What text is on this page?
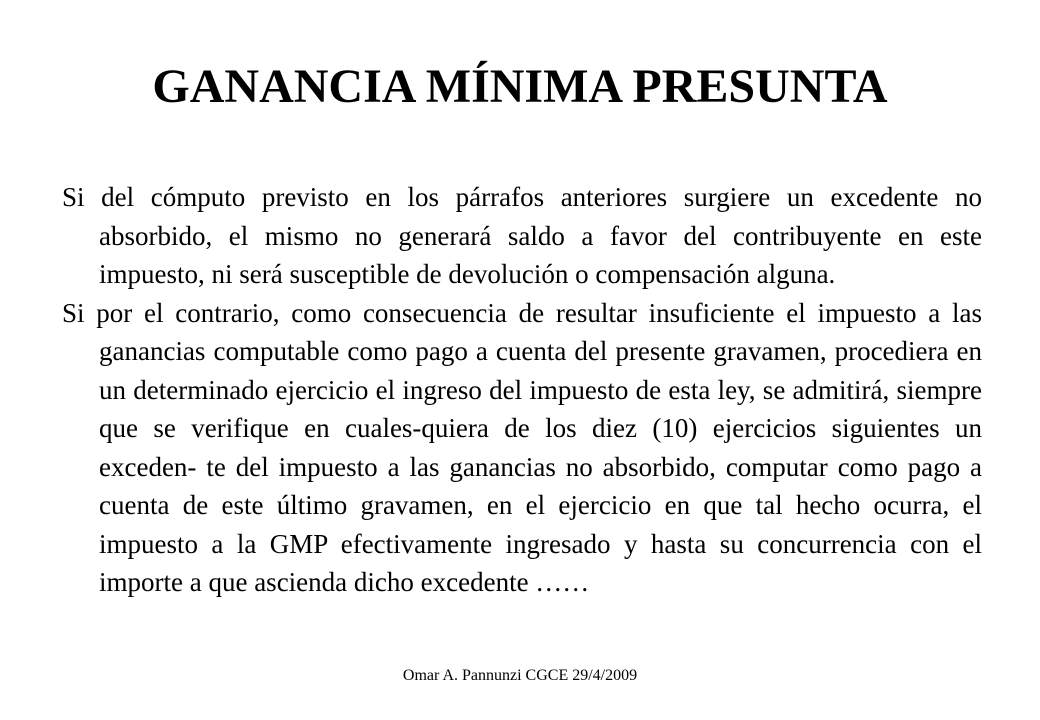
GANANCIA MÍNIMA PRESUNTA

Si del cómputo previsto en los párrafos anteriores surgiere un excedente no absorbido, el mismo no generará saldo a favor del contribuyente en este impuesto, ni será susceptible de devolución o compensación alguna.

Si por el contrario, como consecuencia de resultar insuficiente el impuesto a las ganancias computable como pago a cuenta del presente gravamen, procediera en un determinado ejercicio el ingreso del impuesto de esta ley, se admitirá, siempre que se verifique en cuales-quiera de los diez (10) ejercicios siguientes un exceden- te del impuesto a las ganancias no absorbido, computar como pago a cuenta de este último gravamen, en el ejercicio en que tal hecho ocurra, el impuesto a la GMP efectivamente ingresado y hasta su concurrencia con el importe a que ascienda dicho excedente ……

Omar A. Pannunzi CGCE 29/4/2009
